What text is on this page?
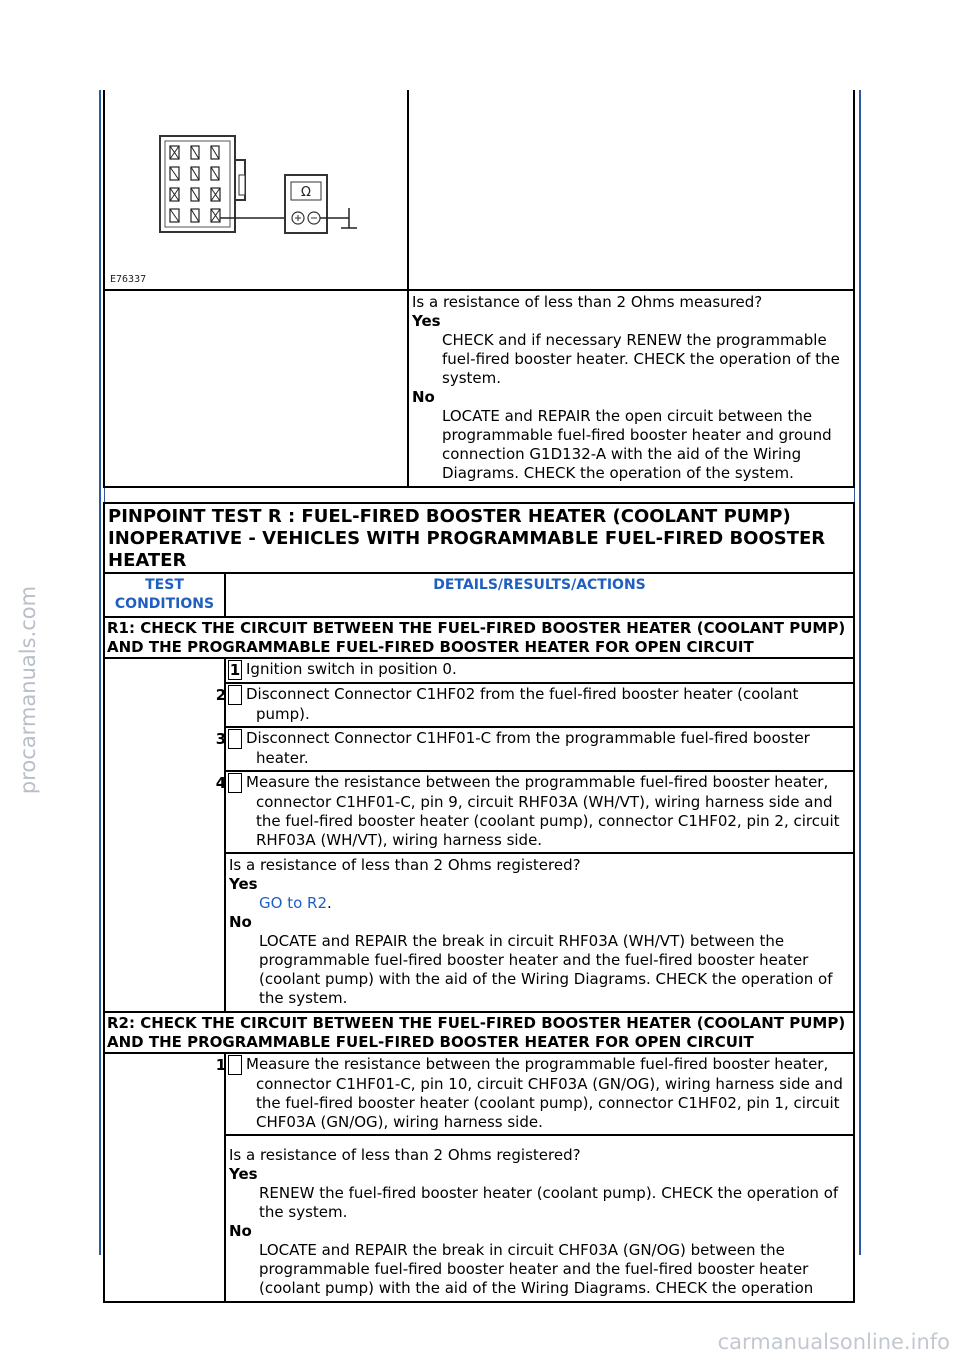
procarmanuals.com
carmanualsonline.info
Ω
E76337	

	Is a resistance of less than 2 Ohms measured?
Yes
CHECK and if necessary RENEW the programmable fuel-fired booster heater. CHECK the operation of the system.
No
LOCATE and REPAIR the open circuit between the programmable fuel-fired booster heater and ground connection G1D132-A with the aid of the Wiring Diagrams. CHECK the operation of the system.
PINPOINT TEST R : FUEL-FIRED BOOSTER HEATER (COOLANT PUMP) INOPERATIVE - VEHICLES WITH PROGRAMMABLE FUEL-FIRED BOOSTER HEATER	
TEST CONDITIONS	DETAILS/RESULTS/ACTIONS
R1: CHECK THE CIRCUIT BETWEEN THE FUEL-FIRED BOOSTER HEATER (COOLANT PUMP) AND THE PROGRAMMABLE FUEL-FIRED BOOSTER HEATER FOR OPEN CIRCUIT	
	1 Ignition switch in position 0.

	2 Disconnect Connector C1HF02 from the fuel-fired booster heater (coolant pump).

	3 Disconnect Connector C1HF01-C from the programmable fuel-fired booster heater.

	4 Measure the resistance between the programmable fuel-fired booster heater, connector C1HF01-C, pin 9, circuit RHF03A (WH/VT), wiring harness side and the fuel-fired booster heater (coolant pump), connector C1HF02, pin 2, circuit RHF03A (WH/VT), wiring harness side.

	Is a resistance of less than 2 Ohms registered?
Yes
GO to R2.
No
LOCATE and REPAIR the break in circuit RHF03A (WH/VT) between the programmable fuel-fired booster heater and the fuel-fired booster heater (coolant pump) with the aid of the Wiring Diagrams. CHECK the operation of the system.

R2: CHECK THE CIRCUIT BETWEEN THE FUEL-FIRED BOOSTER HEATER (COOLANT PUMP) AND THE PROGRAMMABLE FUEL-FIRED BOOSTER HEATER FOR OPEN CIRCUIT	

	1 Measure the resistance between the programmable fuel-fired booster heater, connector C1HF01-C, pin 10, circuit CHF03A (GN/OG), wiring harness side and the fuel-fired booster heater (coolant pump), connector C1HF02, pin 1, circuit CHF03A (GN/OG), wiring harness side.

	Is a resistance of less than 2 Ohms registered?
Yes
RENEW the fuel-fired booster heater (coolant pump). CHECK the operation of the system.
No
LOCATE and REPAIR the break in circuit CHF03A (GN/OG) between the programmable fuel-fired booster heater and the fuel-fired booster heater (coolant pump) with the aid of the Wiring Diagrams. CHECK the operation
